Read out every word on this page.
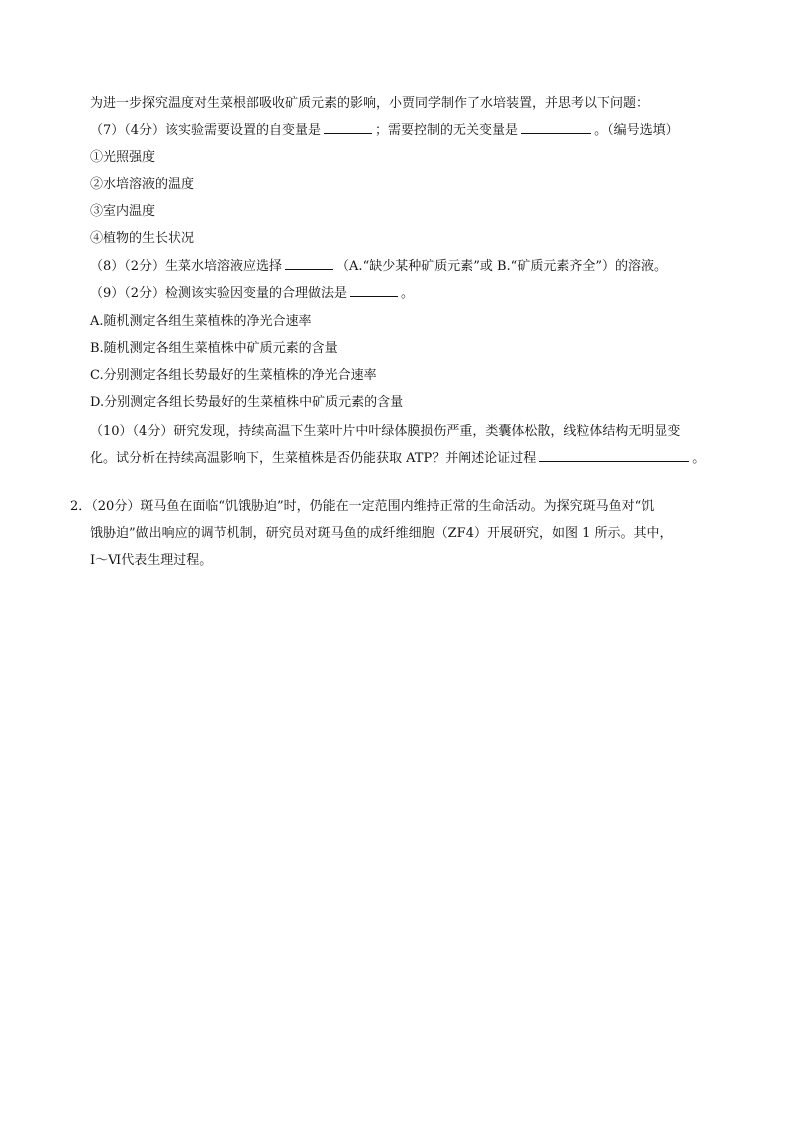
为进一步探究温度对生菜根部吸收矿质元素的影响，小贾同学制作了水培装置，并思考以下问题：
（7）（4分）该实验需要设置的自变量是	；需要控制的无关变量是	。（编号选填）
①光照强度
②水培溶液的温度
③室内温度
④植物的生长状况
（8）（2分）生菜水培溶液应选择	（A.“缺少某种矿质元素”或 B.“矿质元素齐全”）的溶液。
（9）（2分）检测该实验因变量的合理做法是	。
A.随机测定各组生菜植株的净光合速率
B.随机测定各组生菜植株中矿质元素的含量
C.分别测定各组长势最好的生菜植株的净光合速率
D.分别测定各组长势最好的生菜植株中矿质元素的含量
（10）（4分）研究发现，持续高温下生菜叶片中叶绿体膜损伤严重，类囊体松散，线粒体结构无明显变
化。试分析在持续高温影响下，生菜植株是否仍能获取 ATP？并阐述论证过程	。
2．（20分）斑马鱼在面临“饥饿胁迫”时，仍能在一定范围内维持正常的生命活动。为探究斑马鱼对“饥
饿胁迫”做出响应的调节机制，研究员对斑马鱼的成纤维细胞（ZF4）开展研究，如图 1 所示。其中，
Ⅰ～Ⅵ代表生理过程。
